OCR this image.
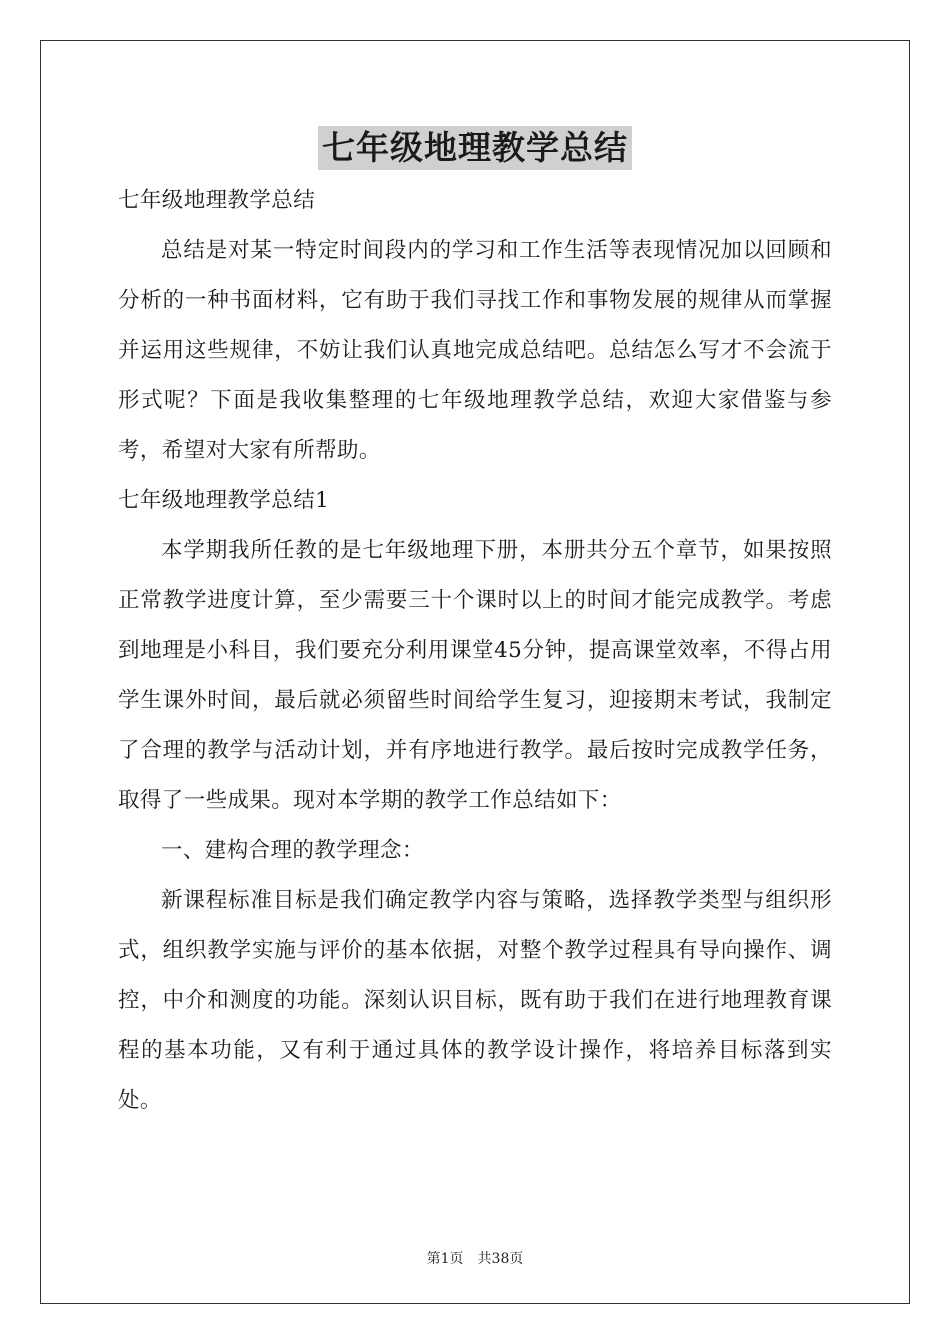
七年级地理教学总结

七年级地理教学总结

总结是对某一特定时间段内的学习和工作生活等表现情况加以回顾和分析的一种书面材料，它有助于我们寻找工作和事物发展的规律从而掌握并运用这些规律，不妨让我们认真地完成总结吧。总结怎么写才不会流于形式呢？下面是我收集整理的七年级地理教学总结，欢迎大家借鉴与参考，希望对大家有所帮助。

七年级地理教学总结1

本学期我所任教的是七年级地理下册，本册共分五个章节，如果按照正常教学进度计算，至少需要三十个课时以上的时间才能完成教学。考虑到地理是小科目，我们要充分利用课堂45分钟，提高课堂效率，不得占用学生课外时间，最后就必须留些时间给学生复习，迎接期末考试，我制定了合理的教学与活动计划，并有序地进行教学。最后按时完成教学任务，取得了一些成果。现对本学期的教学工作总结如下：

一、建构合理的教学理念：

新课程标准目标是我们确定教学内容与策略，选择教学类型与组织形式，组织教学实施与评价的基本依据，对整个教学过程具有导向操作、调控，中介和测度的功能。深刻认识目标，既有助于我们在进行地理教育课程的基本功能，又有利于通过具体的教学设计操作，将培养目标落到实处。

第1页　共38页
